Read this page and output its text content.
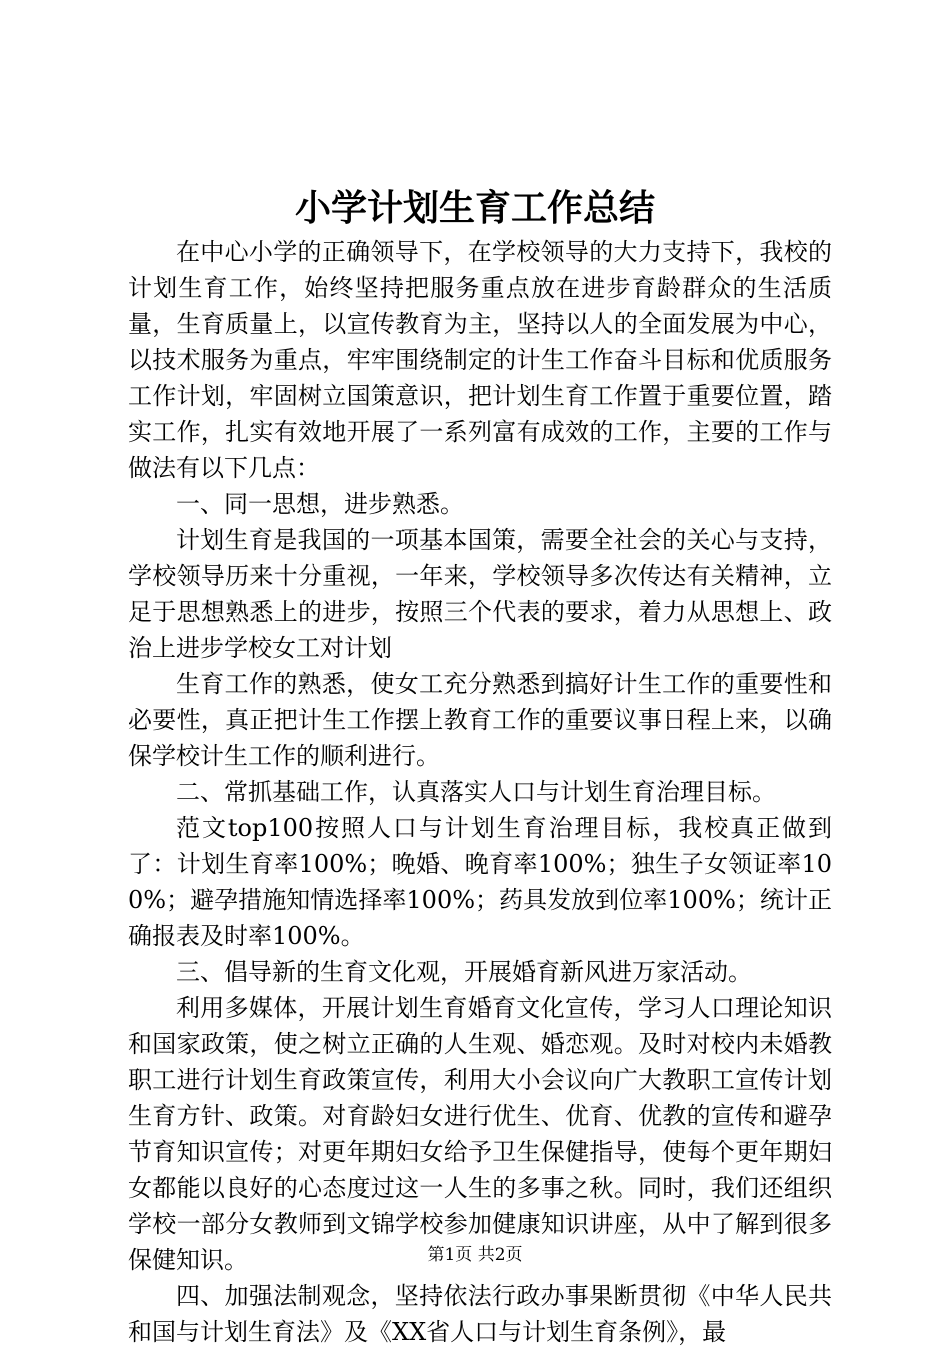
小学计划生育工作总结

在中心小学的正确领导下，在学校领导的大力支持下，我校的计划生育工作，始终坚持把服务重点放在进步育龄群众的生活质量，生育质量上，以宣传教育为主，坚持以人的全面发展为中心，以技术服务为重点，牢牢围绕制定的计生工作奋斗目标和优质服务工作计划，牢固树立国策意识，把计划生育工作置于重要位置，踏实工作，扎实有效地开展了一系列富有成效的工作，主要的工作与做法有以下几点：

一、同一思想，进步熟悉。

计划生育是我国的一项基本国策，需要全社会的关心与支持，学校领导历来十分重视，一年来，学校领导多次传达有关精神，立足于思想熟悉上的进步，按照三个代表的要求，着力从思想上、政治上进步学校女工对计划

生育工作的熟悉，使女工充分熟悉到搞好计生工作的重要性和必要性，真正把计生工作摆上教育工作的重要议事日程上来，以确保学校计生工作的顺利进行。

二、常抓基础工作，认真落实人口与计划生育治理目标。

范文top100按照人口与计划生育治理目标，我校真正做到了：计划生育率100%；晚婚、晚育率100%；独生子女领证率100%；避孕措施知情选择率100%；药具发放到位率100%；统计正确报表及时率100%。

三、倡导新的生育文化观，开展婚育新风进万家活动。

利用多媒体，开展计划生育婚育文化宣传，学习人口理论知识和国家政策，使之树立正确的人生观、婚恋观。及时对校内未婚教职工进行计划生育政策宣传，利用大小会议向广大教职工宣传计划生育方针、政策。对育龄妇女进行优生、优育、优教的宣传和避孕节育知识宣传；对更年期妇女给予卫生保健指导，使每个更年期妇女都能以良好的心态度过这一人生的多事之秋。同时，我们还组织学校一部分女教师到文锦学校参加健康知识讲座，从中了解到很多保健知识。

四、加强法制观念，坚持依法行政办事果断贯彻《中华人民共和国与计划生育法》及《XX省人口与计划生育条例》，最

第1页 共2页
